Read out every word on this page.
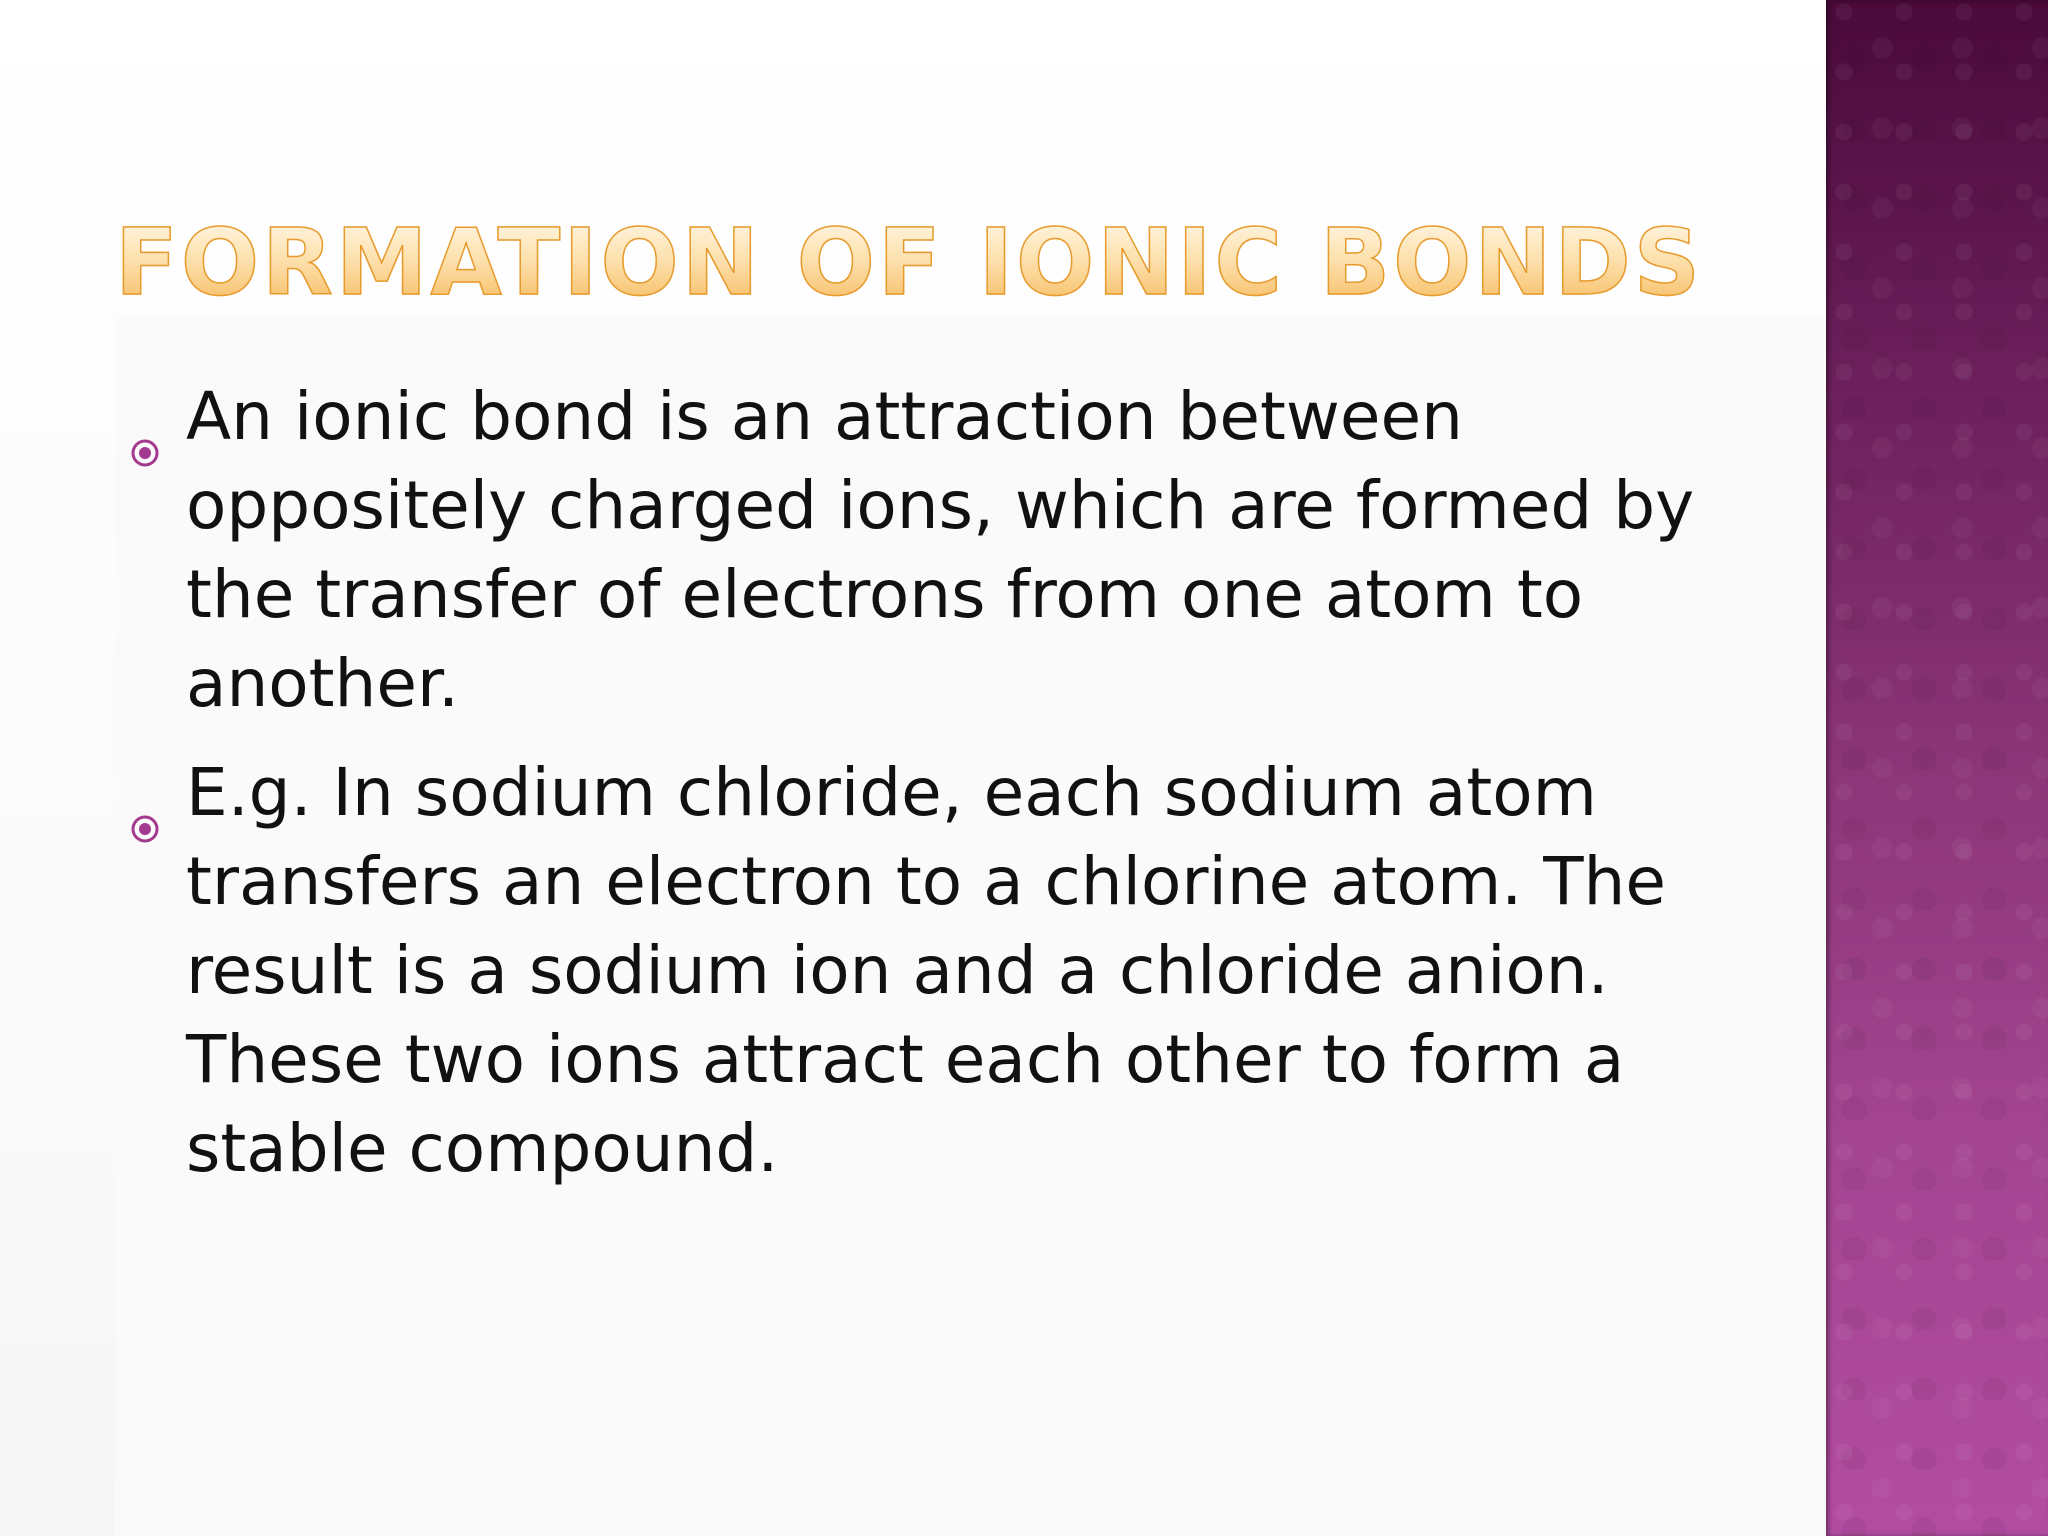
FORMATION OF IONIC BONDS
An ionic bond is an attraction between oppositely charged ions, which are formed by the transfer of electrons from one atom to another.
E.g. In sodium chloride, each sodium atom transfers an electron to a chlorine atom. The result is a sodium ion and a chloride anion. These two ions attract each other to form a stable compound.
